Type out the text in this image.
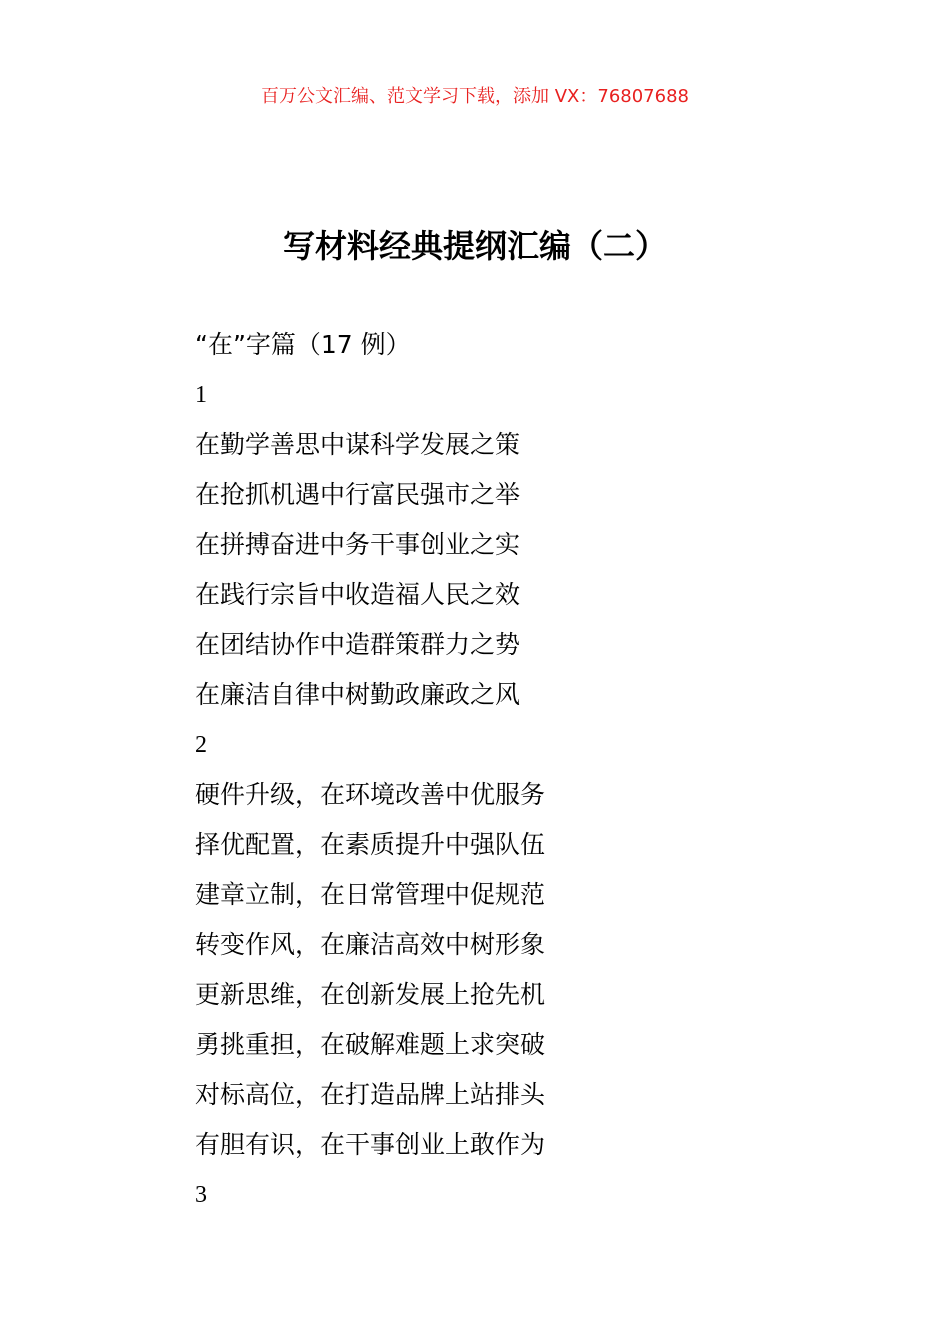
百万公文汇编、范文学习下载，添加 VX：76807688
写材料经典提纲汇编（二）
“在”字篇（17 例）
1
在勤学善思中谋科学发展之策
在抢抓机遇中行富民强市之举
在拼搏奋进中务干事创业之实
在践行宗旨中收造福人民之效
在团结协作中造群策群力之势
在廉洁自律中树勤政廉政之风
2
硬件升级，在环境改善中优服务
择优配置，在素质提升中强队伍
建章立制，在日常管理中促规范
转变作风，在廉洁高效中树形象
更新思维，在创新发展上抢先机
勇挑重担，在破解难题上求突破
对标高位，在打造品牌上站排头
有胆有识，在干事创业上敢作为
3
